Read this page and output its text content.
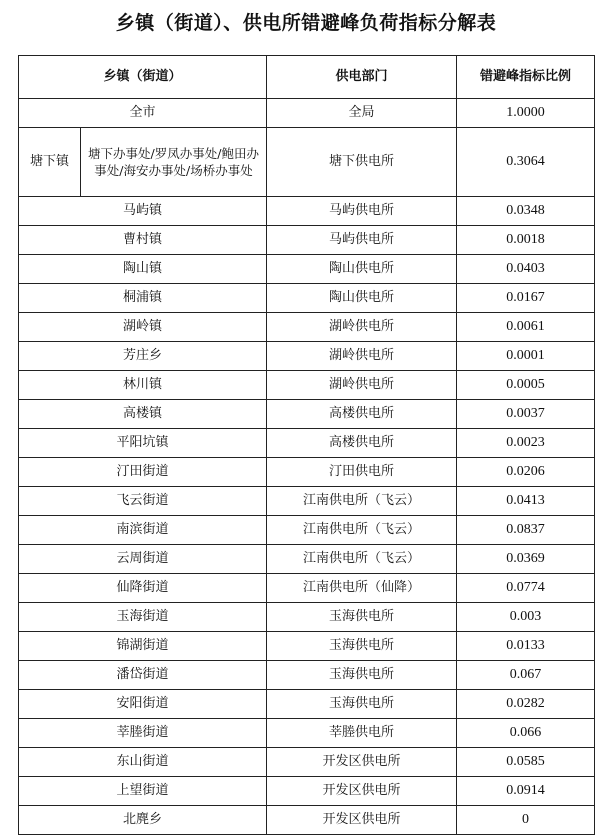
乡镇（街道）、供电所错避峰负荷指标分解表
乡镇（街道）		供电部门	错避峰指标比例
全市		全局	1.0000
塘下镇	塘下办事处/罗凤办事处/鲍田办事处/海安办事处/场桥办事处	塘下供电所	0.3064
马屿镇		马屿供电所	0.0348
曹村镇		马屿供电所	0.0018
陶山镇		陶山供电所	0.0403
桐浦镇		陶山供电所	0.0167
湖岭镇		湖岭供电所	0.0061
芳庄乡		湖岭供电所	0.0001
林川镇		湖岭供电所	0.0005
高楼镇		高楼供电所	0.0037
平阳坑镇		高楼供电所	0.0023
汀田街道		汀田供电所	0.0206
飞云街道		江南供电所（飞云）	0.0413
南滨街道		江南供电所（飞云）	0.0837
云周街道		江南供电所（飞云）	0.0369
仙降街道		江南供电所（仙降）	0.0774
玉海街道		玉海供电所	0.003
锦湖街道		玉海供电所	0.0133
潘岱街道		玉海供电所	0.067
安阳街道		玉海供电所	0.0282
莘塍街道		莘塍供电所	0.066
东山街道		开发区供电所	0.0585
上望街道		开发区供电所	0.0914
北麂乡		开发区供电所	0
